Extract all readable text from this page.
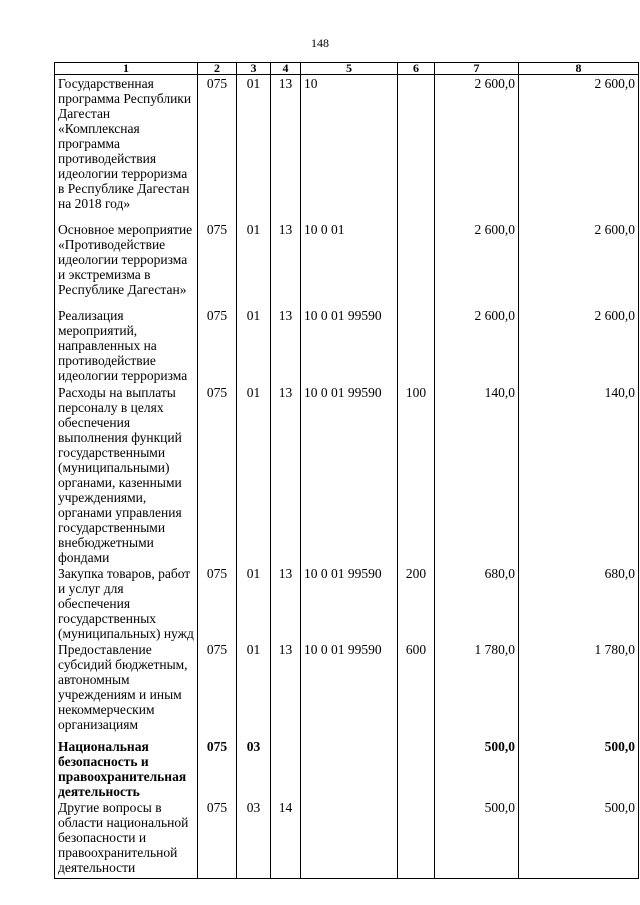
148
1	2	3	4	5	6	7	8
Государственная программа Республики Дагестан «Комплексная программа противодействия идеологии терроризма в Республике Дагестан на 2018 год»	075	01	13	10		2 600,0	2 600,0
Основное мероприятие «Противодействие идеологии терроризма и экстремизма в Республике Дагестан»	075	01	13	10 0 01		2 600,0	2 600,0
Реализация мероприятий, направленных на противодействие идеологии терроризма	075	01	13	10 0 01 99590		2 600,0	2 600,0
Расходы на выплаты персоналу в целях обеспечения выполнения функций государственными (муниципальными) органами, казенными учреждениями, органами управления государственными внебюджетными фондами	075	01	13	10 0 01 99590	100	140,0	140,0
Закупка товаров, работ и услуг для обеспечения государственных (муниципальных) нужд	075	01	13	10 0 01 99590	200	680,0	680,0
Предоставление субсидий бюджетным, автономным учреждениям и иным некоммерческим организациям	075	01	13	10 0 01 99590	600	1 780,0	1 780,0
Национальная безопасность и правоохранительная деятельность	075	03				500,0	500,0
Другие вопросы в области национальной безопасности и правоохранительной деятельности	075	03	14			500,0	500,0
